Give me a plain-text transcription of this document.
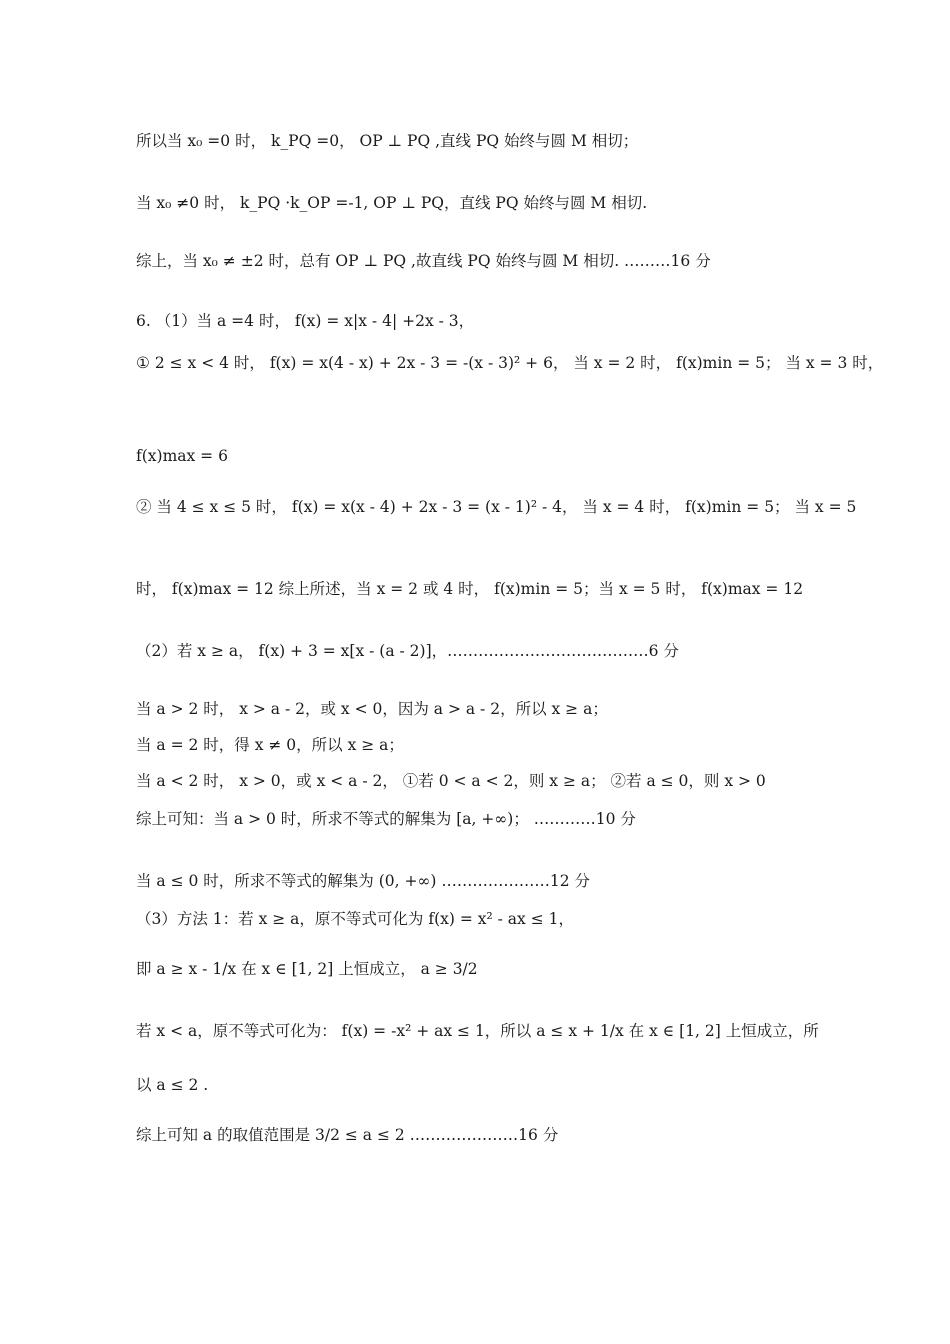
所以当 x₀ =0 时， k_PQ =0， OP ⊥ PQ ,直线 PQ 始终与圆 M 相切；
当 x₀ ≠0 时， k_PQ ·k_OP =-1, OP ⊥ PQ，直线 PQ 始终与圆 M 相切.
综上，当 x₀ ≠ ±2 时，总有 OP ⊥ PQ ,故直线 PQ 始终与圆 M 相切. ………16 分
6. （1）当 a =4 时， f(x) = x|x - 4| +2x - 3，
① 2 ≤ x < 4 时， f(x) = x(4 - x) + 2x - 3 = -(x - 3)² + 6， 当 x = 2 时， f(x)min = 5； 当 x = 3 时，
f(x)max = 6
② 当 4 ≤ x ≤ 5 时， f(x) = x(x - 4) + 2x - 3 = (x - 1)² - 4， 当 x = 4 时， f(x)min = 5； 当 x = 5
时， f(x)max = 12 综上所述，当 x = 2 或 4 时， f(x)min = 5；当 x = 5 时， f(x)max = 12
（2）若 x ≥ a， f(x) + 3 = x[x - (a - 2)]，…………………………………6 分
当 a > 2 时， x > a - 2，或 x < 0，因为 a > a - 2，所以 x ≥ a；
当 a = 2 时，得 x ≠ 0，所以 x ≥ a；
当 a < 2 时， x > 0，或 x < a - 2， ①若 0 < a < 2，则 x ≥ a； ②若 a ≤ 0，则 x > 0
综上可知：当 a > 0 时，所求不等式的解集为 [a, +∞)； …………10 分
当 a ≤ 0 时，所求不等式的解集为 (0, +∞) …………………12 分
（3）方法 1：若 x ≥ a，原不等式可化为 f(x) = x² - ax ≤ 1，
即 a ≥ x - 1/x 在 x ∈ [1, 2] 上恒成立， a ≥ 3/2
若 x < a，原不等式可化为： f(x) = -x² + ax ≤ 1，所以 a ≤ x + 1/x 在 x ∈ [1, 2] 上恒成立，所
以 a ≤ 2 .
综上可知 a 的取值范围是 3/2 ≤ a ≤ 2 …………………16 分
